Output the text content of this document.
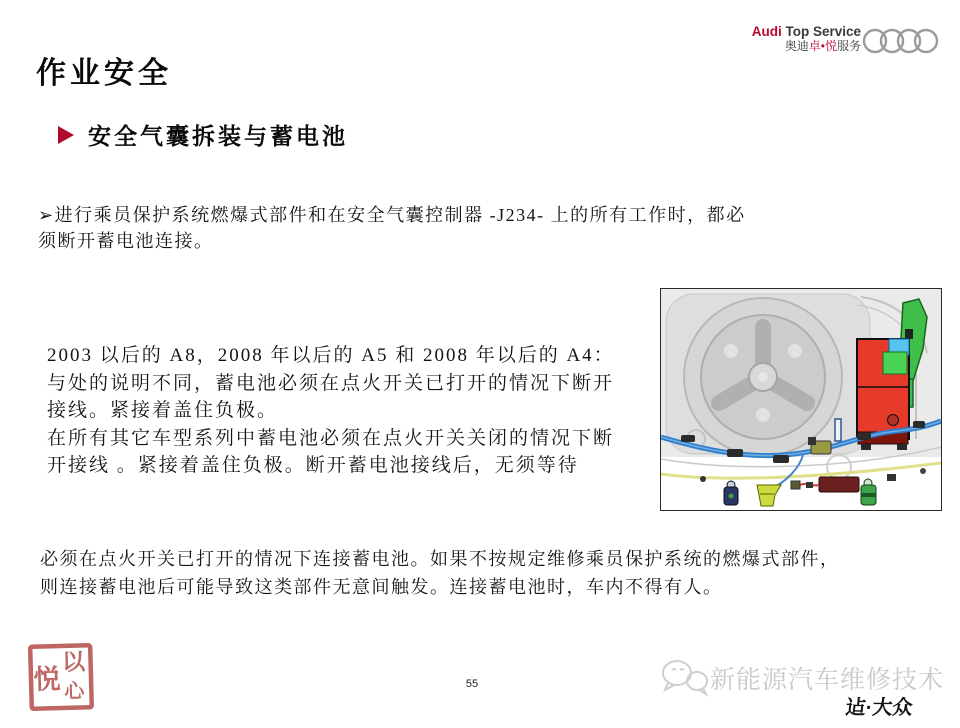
作业安全
Audi Top Service
奥迪卓•悦服务
安全气囊拆装与蓄电池
➢进行乘员保护系统燃爆式部件和在安全气囊控制器 -J234- 上的所有工作时，都必
须断开蓄电池连接。
2003 以后的 A8，2008 年以后的 A5 和 2008 年以后的 A4：
与处的说明不同，蓄电池必须在点火开关已打开的情况下断开
接线。紧接着盖住负极。
在所有其它车型系列中蓄电池必须在点火开关关闭的情况下断
开接线 。紧接着盖住负极。断开蓄电池接线后，无须等待
必须在点火开关已打开的情况下连接蓄电池。如果不按规定维修乘员保护系统的燃爆式部件，
则连接蓄电池后可能导致这类部件无意间触发。连接蓄电池时，车内不得有人。
以
心
悦	55	新能源汽车维修技术
迠·大众
